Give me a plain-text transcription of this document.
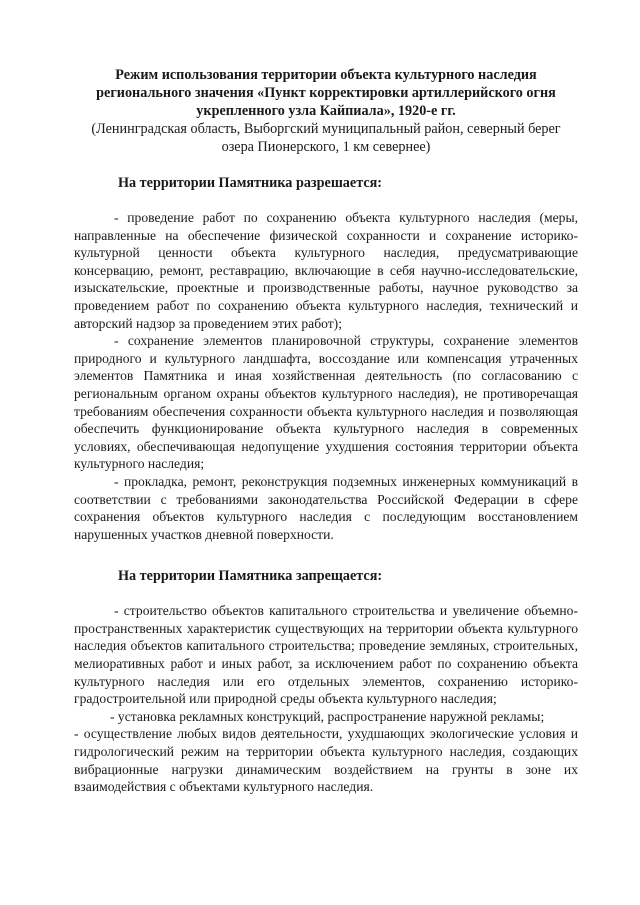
Режим использования территории объекта культурного наследия регионального значения «Пункт корректировки артиллерийского огня укрепленного узла Кайпиала», 1920-е гг.

(Ленинградская область, Выборгский муниципальный район, северный берег озера Пионерского, 1 км севернее)

На территории Памятника разрешается:

- проведение работ по сохранению объекта культурного наследия (меры, направленные на обеспечение физической сохранности и сохранение историко-культурной ценности объекта культурного наследия, предусматривающие консервацию, ремонт, реставрацию, включающие в себя научно-исследовательские, изыскательские, проектные и производственные работы, научное руководство за проведением работ по сохранению объекта культурного наследия, технический и авторский надзор за проведением этих работ);

- сохранение элементов планировочной структуры, сохранение элементов природного и культурного ландшафта, воссоздание или компенсация утраченных элементов Памятника и иная хозяйственная деятельность (по согласованию с региональным органом охраны объектов культурного наследия), не противоречащая требованиям обеспечения сохранности объекта культурного наследия и позволяющая обеспечить функционирование объекта культурного наследия в современных условиях, обеспечивающая недопущение ухудшения состояния территории объекта культурного наследия;

- прокладка, ремонт, реконструкция подземных инженерных коммуникаций в соответствии с требованиями законодательства Российской Федерации в сфере сохранения объектов культурного наследия с последующим восстановлением нарушенных участков дневной поверхности.

На территории Памятника запрещается:

- строительство объектов капитального строительства и увеличение объемно-пространственных характеристик существующих на территории объекта культурного наследия объектов капитального строительства; проведение земляных, строительных, мелиоративных работ и иных работ, за исключением работ по сохранению объекта культурного наследия или его отдельных элементов, сохранению историко-градостроительной или природной среды объекта культурного наследия;

- установка рекламных конструкций, распространение наружной рекламы;

- осуществление любых видов деятельности, ухудшающих экологические условия и гидрологический режим на территории объекта культурного наследия, создающих вибрационные нагрузки динамическим воздействием на грунты в зоне их взаимодействия с объектами культурного наследия.
